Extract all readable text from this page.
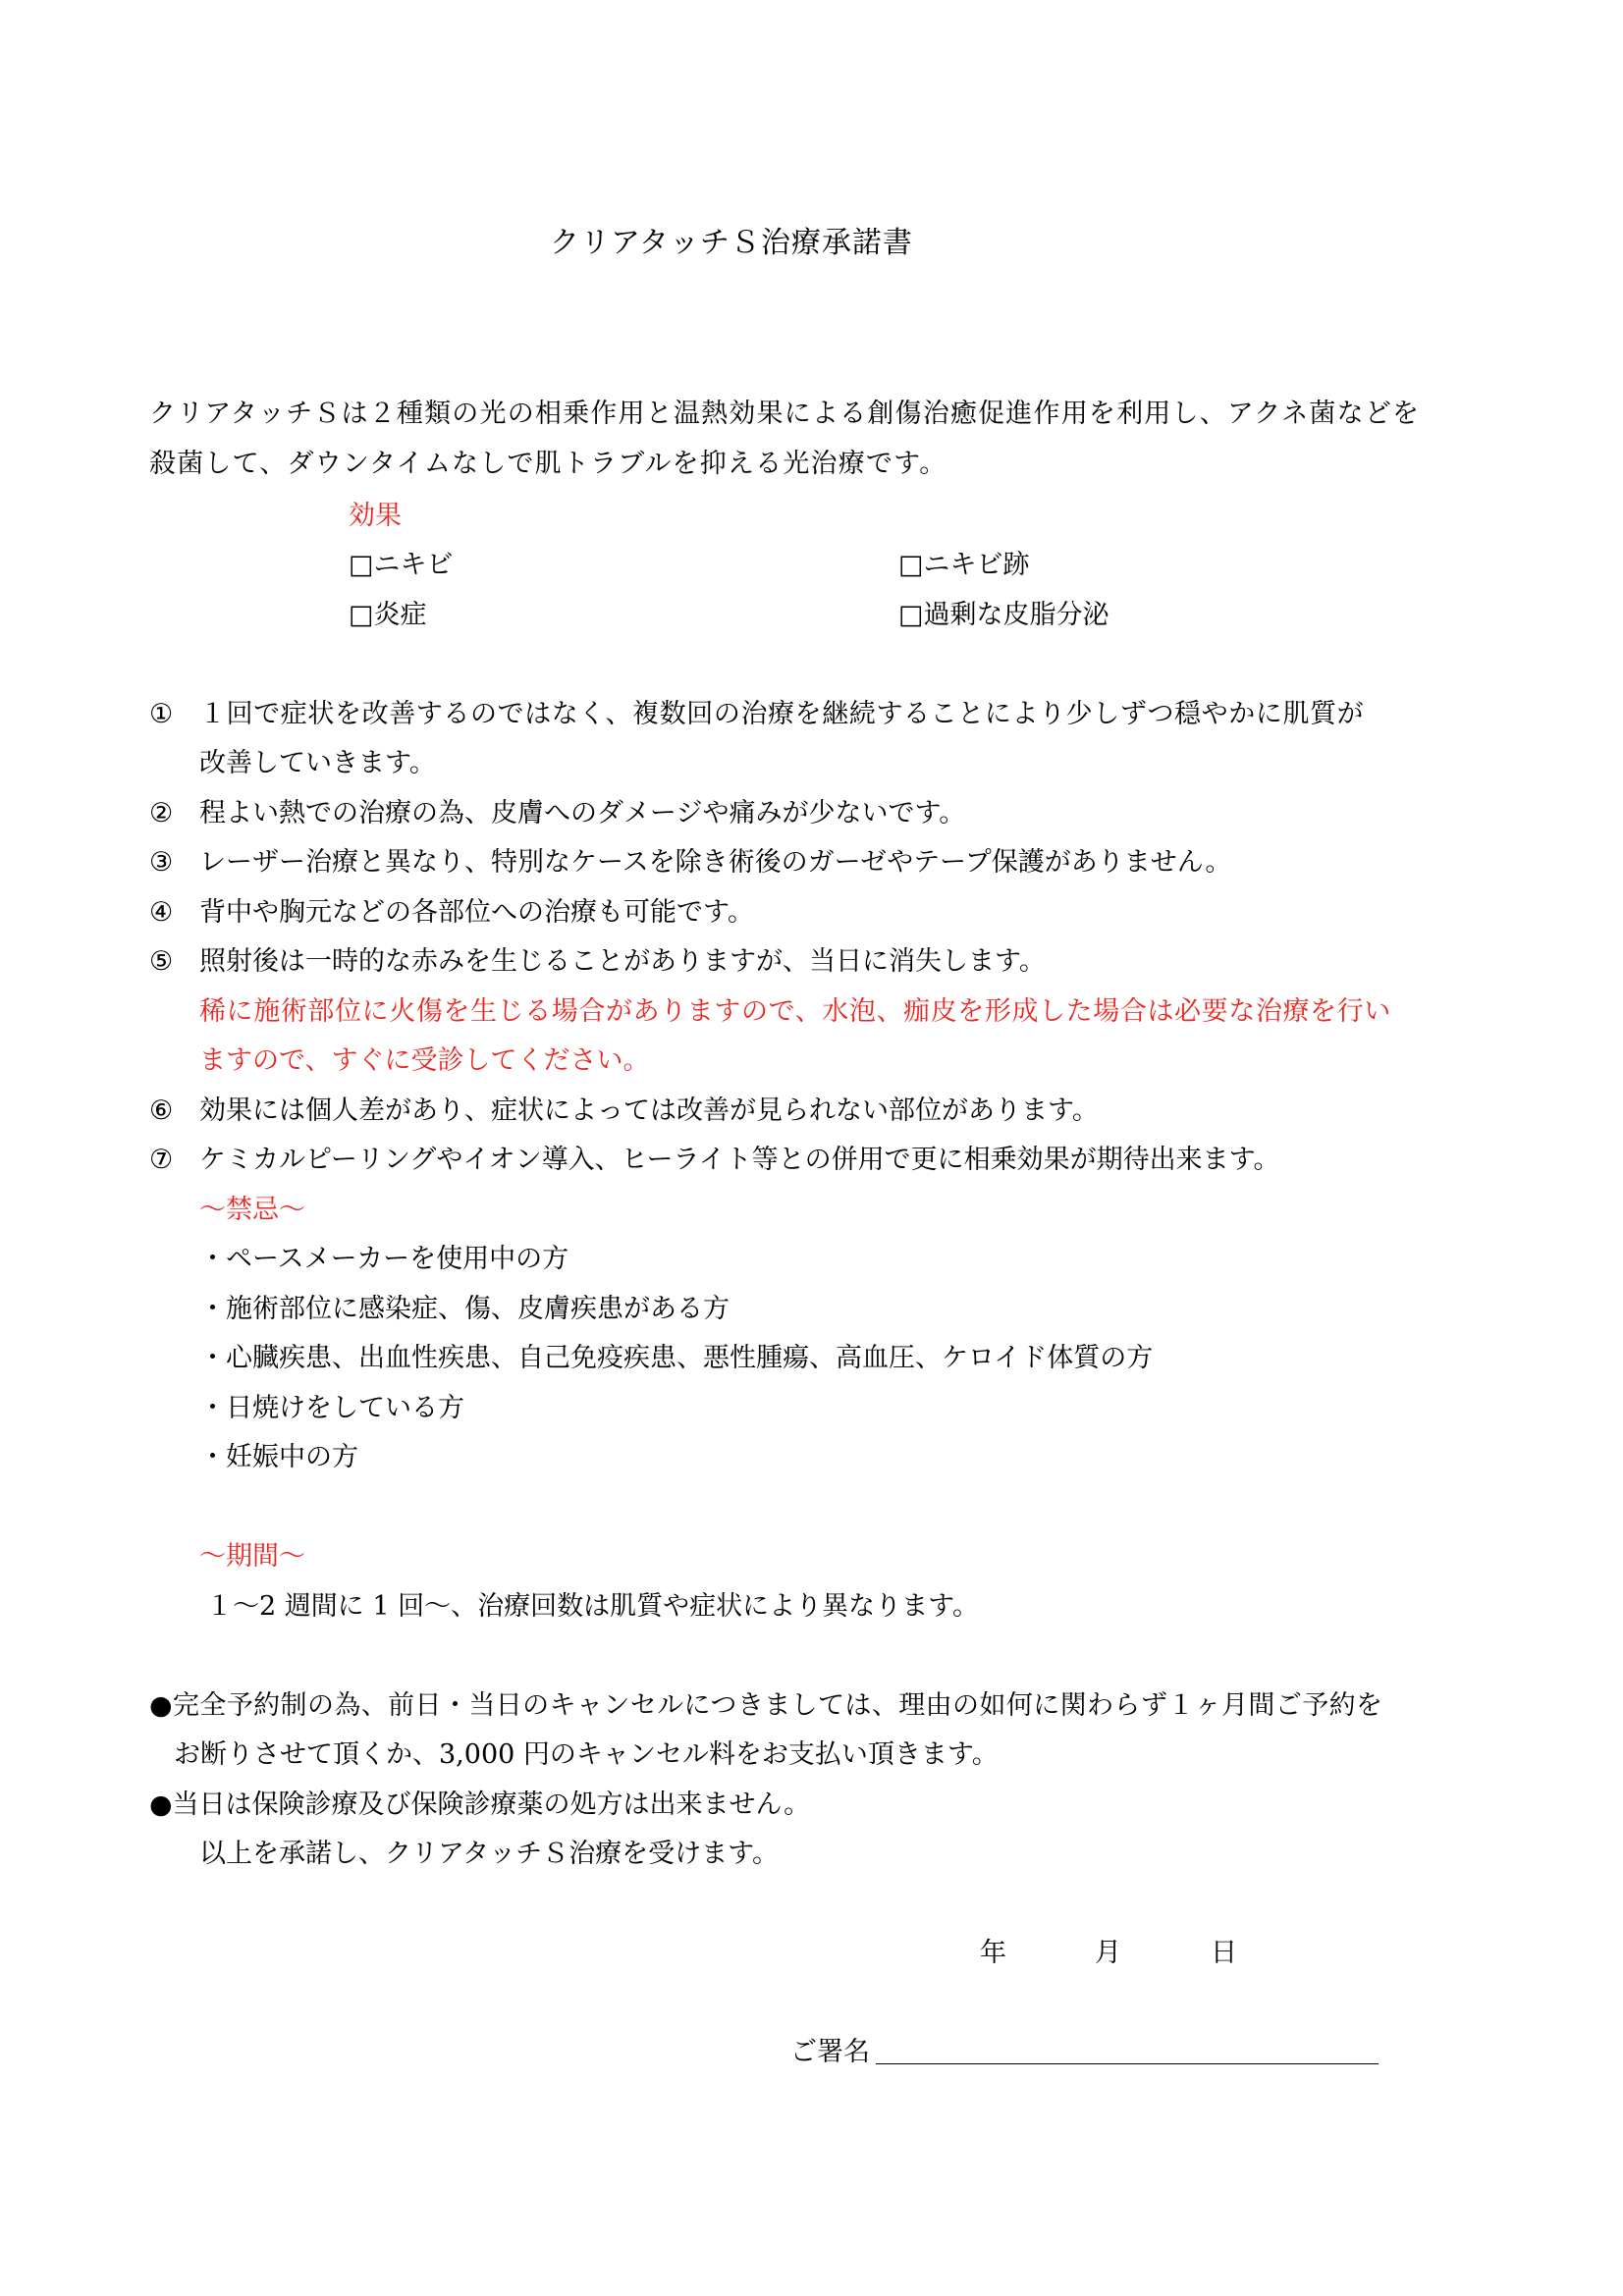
クリアタッチＳ治療承諾書
クリアタッチＳは２種類の光の相乗作用と温熱効果による創傷治癒促進作用を利用し、アクネ菌などを
殺菌して、ダウンタイムなしで肌トラブルを抑える光治療です。
効果
□ニキビ	□ニキビ跡
□炎症	□過剰な皮脂分泌
① １回で症状を改善するのではなく、複数回の治療を継続することにより少しずつ穏やかに肌質が
改善していきます。
② 程よい熱での治療の為、皮膚へのダメージや痛みが少ないです。
③ レーザー治療と異なり、特別なケースを除き術後のガーゼやテープ保護がありません。
④ 背中や胸元などの各部位への治療も可能です。
⑤ 照射後は一時的な赤みを生じることがありますが、当日に消失します。
稀に施術部位に火傷を生じる場合がありますので、水泡、痂皮を形成した場合は必要な治療を行い
ますので、すぐに受診してください。
⑥ 効果には個人差があり、症状によっては改善が見られない部位があります。
⑦ ケミカルピーリングやイオン導入、ヒーライト等との併用で更に相乗効果が期待出来ます。
～禁忌～
・ペースメーカーを使用中の方
・施術部位に感染症、傷、皮膚疾患がある方
・心臓疾患、出血性疾患、自己免疫疾患、悪性腫瘍、高血圧、ケロイド体質の方
・日焼けをしている方
・妊娠中の方
～期間～
１～2 週間に 1 回～、治療回数は肌質や症状により異なります。
●完全予約制の為、前日・当日のキャンセルにつきましては、理由の如何に関わらず１ヶ月間ご予約を
お断りさせて頂くか、3,000 円のキャンセル料をお支払い頂きます。
●当日は保険診療及び保険診療薬の処方は出来ません。
以上を承諾し、クリアタッチＳ治療を受けます。
年	月	日
ご署名
